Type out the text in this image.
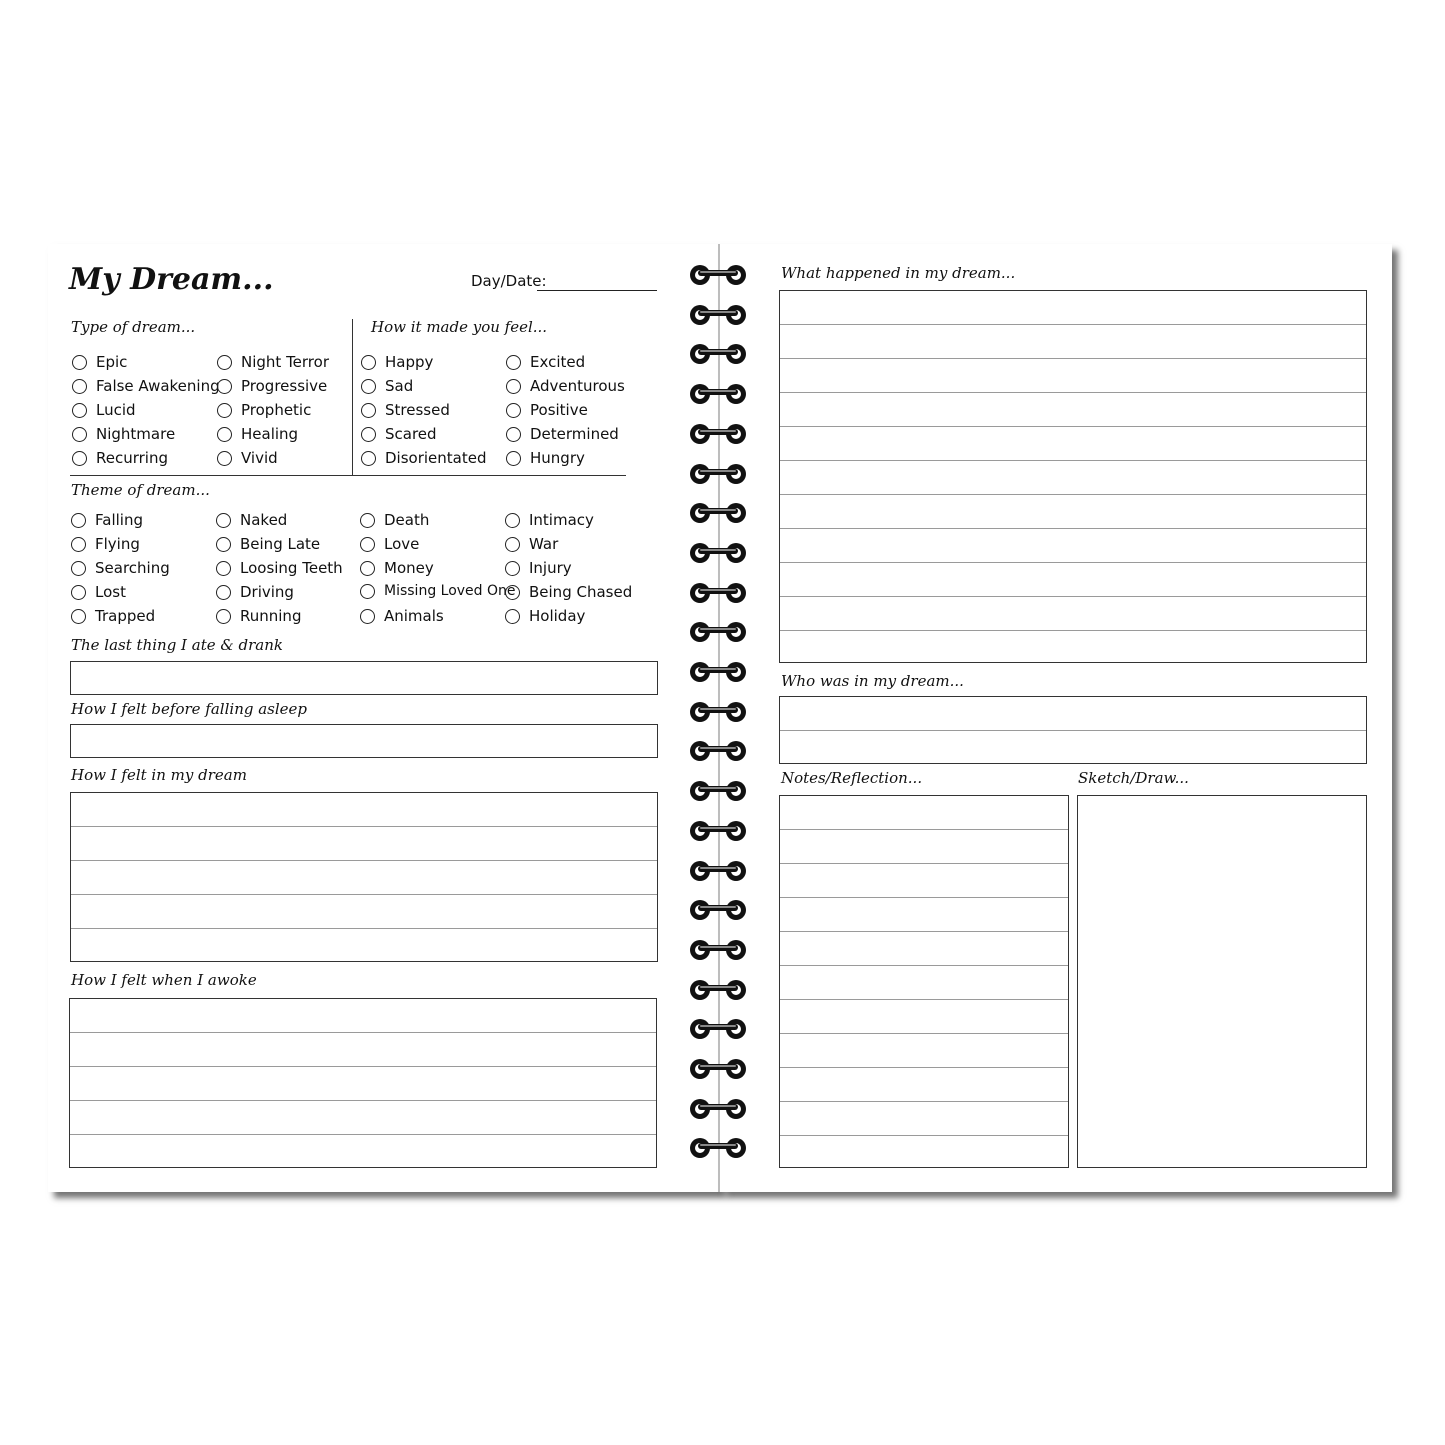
My Dream...	Day/Date:
Type of dream...	How it made you feel...
Theme of dream...
Epic
False Awakening
Lucid
Nightmare
Recurring
Night Terror
Progressive
Prophetic
Healing
Vivid
Happy
Sad
Stressed
Scared
Disorientated
Excited
Adventurous
Positive
Determined
Hungry
Falling
Flying
Searching
Lost
Trapped
Naked
Being Late
Loosing Teeth
Driving
Running
Death
Love
Money
Missing Loved One
Animals
Intimacy
War
Injury
Being Chased
Holiday
The last thing I ate & drank
How I felt before falling asleep
How I felt in my dream
How I felt when I awoke
What happened in my dream...
Who was in my dream...
Notes/Reflection...	Sketch/Draw...
